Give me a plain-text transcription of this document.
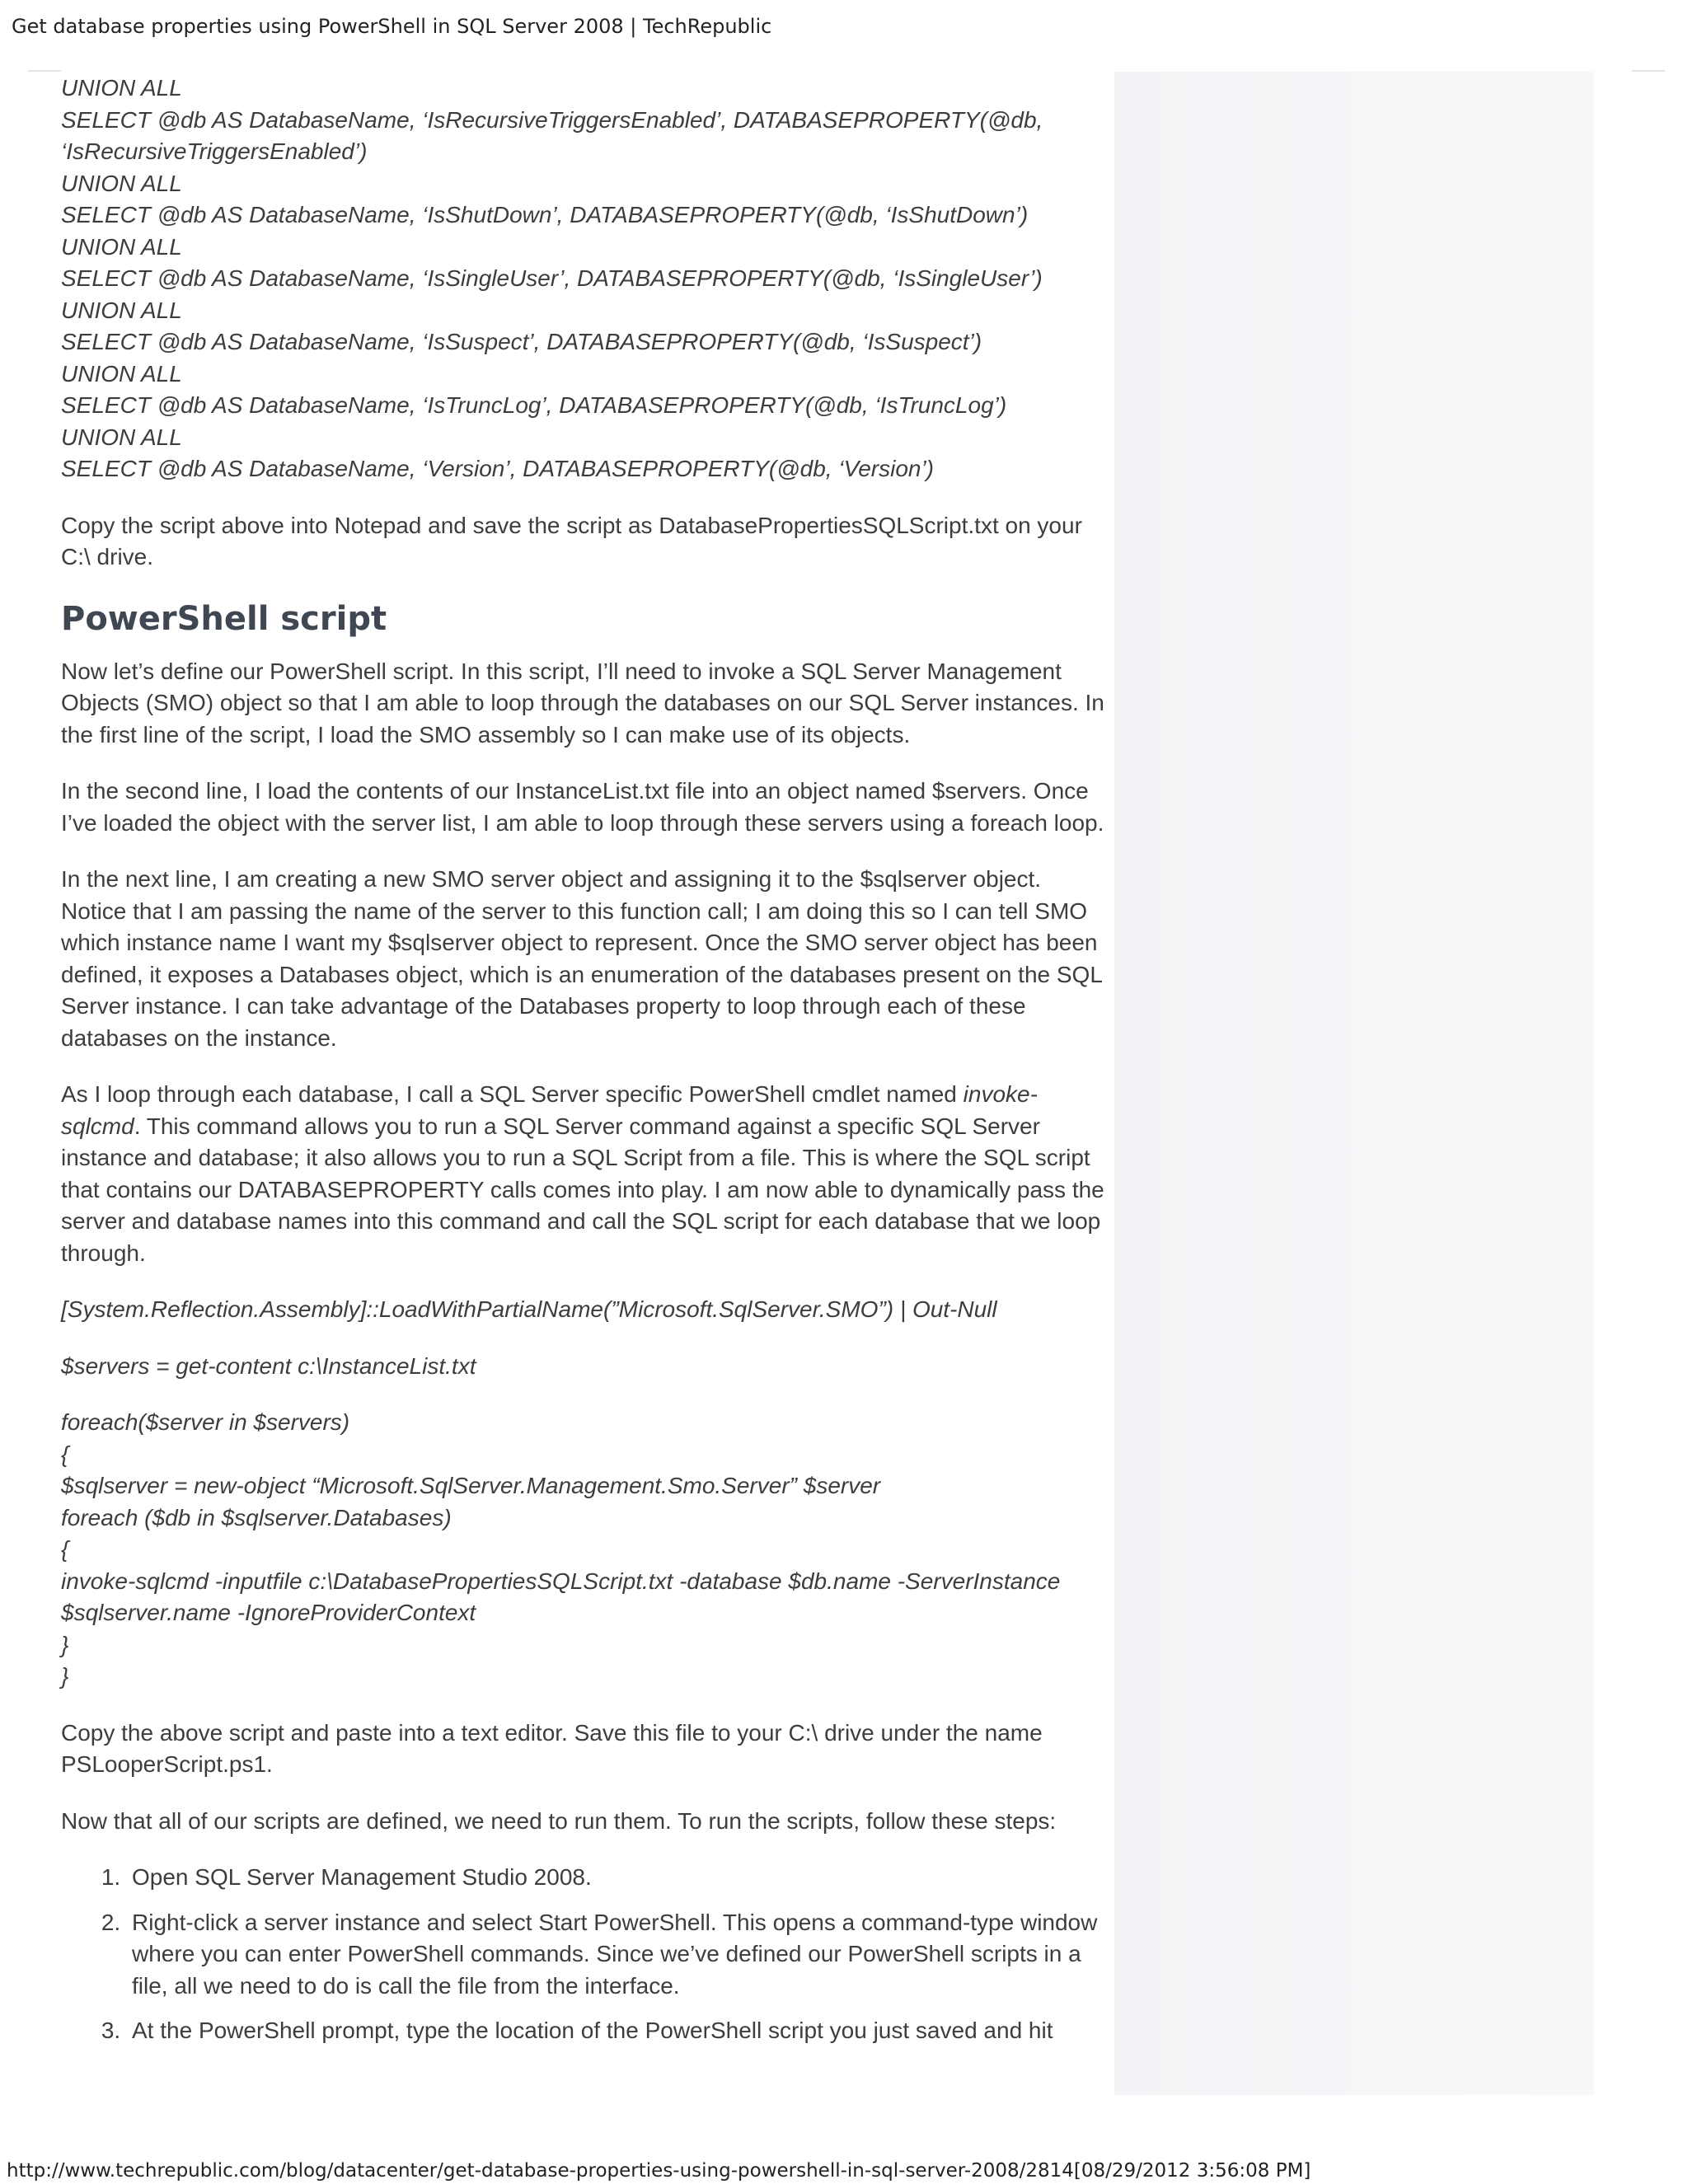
Get database properties using PowerShell in SQL Server 2008 | TechRepublic

UNION ALL
SELECT @db AS DatabaseName, ‘IsRecursiveTriggersEnabled’, DATABASEPROPERTY(@db,
‘IsRecursiveTriggersEnabled’)
UNION ALL
SELECT @db AS DatabaseName, ‘IsShutDown’, DATABASEPROPERTY(@db, ‘IsShutDown’)
UNION ALL
SELECT @db AS DatabaseName, ‘IsSingleUser’, DATABASEPROPERTY(@db, ‘IsSingleUser’)
UNION ALL
SELECT @db AS DatabaseName, ‘IsSuspect’, DATABASEPROPERTY(@db, ‘IsSuspect’)
UNION ALL
SELECT @db AS DatabaseName, ‘IsTruncLog’, DATABASEPROPERTY(@db, ‘IsTruncLog’)
UNION ALL
SELECT @db AS DatabaseName, ‘Version’, DATABASEPROPERTY(@db, ‘Version’)

Copy the script above into Notepad and save the script as DatabasePropertiesSQLScript.txt on your C:\ drive.

PowerShell script

Now let’s define our PowerShell script. In this script, I’ll need to invoke a SQL Server Management Objects (SMO) object so that I am able to loop through the databases on our SQL Server instances. In the first line of the script, I load the SMO assembly so I can make use of its objects.

In the second line, I load the contents of our InstanceList.txt file into an object named $servers. Once I’ve loaded the object with the server list, I am able to loop through these servers using a foreach loop.

In the next line, I am creating a new SMO server object and assigning it to the $sqlserver object. Notice that I am passing the name of the server to this function call; I am doing this so I can tell SMO which instance name I want my $sqlserver object to represent. Once the SMO server object has been defined, it exposes a Databases object, which is an enumeration of the databases present on the SQL Server instance. I can take advantage of the Databases property to loop through each of these databases on the instance.

As I loop through each database, I call a SQL Server specific PowerShell cmdlet named invoke-sqlcmd. This command allows you to run a SQL Server command against a specific SQL Server instance and database; it also allows you to run a SQL Script from a file. This is where the SQL script that contains our DATABASEPROPERTY calls comes into play. I am now able to dynamically pass the server and database names into this command and call the SQL script for each database that we loop through.

[System.Reflection.Assembly]::LoadWithPartialName(”Microsoft.SqlServer.SMO”) | Out-Null

$servers = get-content c:\InstanceList.txt

foreach($server in $servers)
{
$sqlserver = new-object “Microsoft.SqlServer.Management.Smo.Server” $server
foreach ($db in $sqlserver.Databases)
{
invoke-sqlcmd -inputfile c:\DatabasePropertiesSQLScript.txt -database $db.name -ServerInstance
$sqlserver.name -IgnoreProviderContext
}
}

Copy the above script and paste into a text editor. Save this file to your C:\ drive under the name PSLooperScript.ps1.

Now that all of our scripts are defined, we need to run them. To run the scripts, follow these steps:

1. Open SQL Server Management Studio 2008.
2. Right-click a server instance and select Start PowerShell. This opens a command-type window where you can enter PowerShell commands. Since we’ve defined our PowerShell scripts in a file, all we need to do is call the file from the interface.
3. At the PowerShell prompt, type the location of the PowerShell script you just saved and hit
http://www.techrepublic.com/blog/datacenter/get-database-properties-using-powershell-in-sql-server-2008/2814[08/29/2012 3:56:08 PM]
